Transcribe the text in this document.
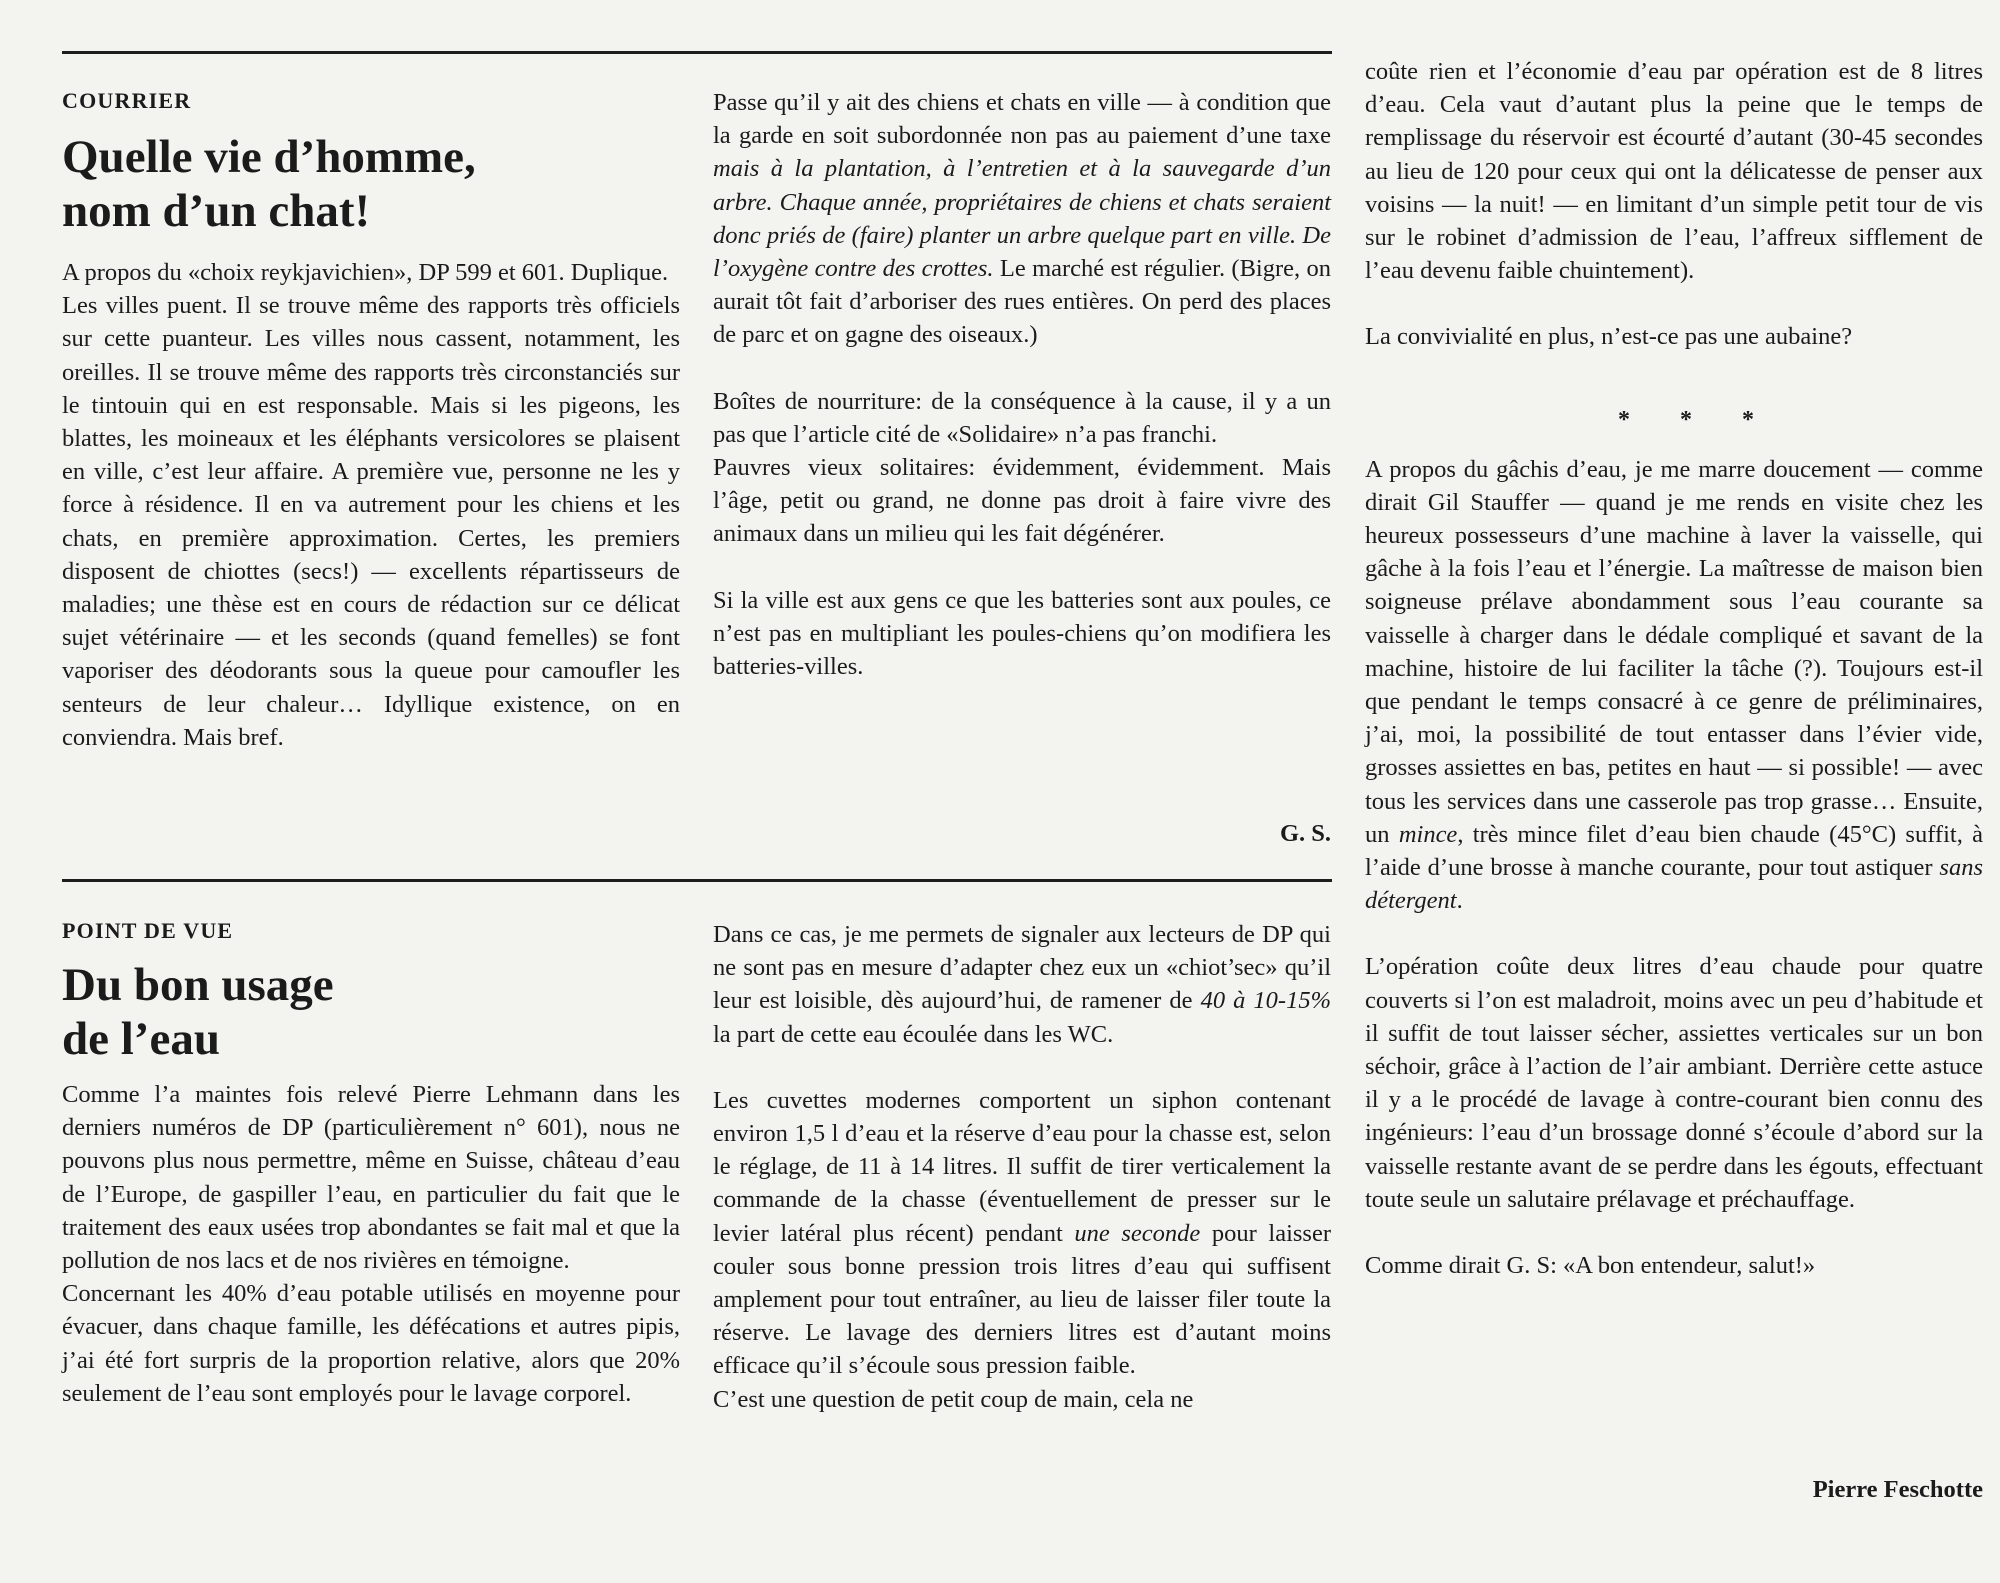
COURRIER
Quelle vie d’homme,
nom d’un chat!

A propos du «choix reykjavichien», DP 599 et 601. Duplique.

Les villes puent. Il se trouve même des rapports très officiels sur cette puanteur. Les villes nous cassent, notamment, les oreilles. Il se trouve même des rapports très circonstanciés sur le tintouin qui en est responsable. Mais si les pigeons, les blattes, les moineaux et les éléphants versicolores se plaisent en ville, c’est leur affaire. A première vue, personne ne les y force à résidence. Il en va autrement pour les chiens et les chats, en première approximation. Certes, les premiers disposent de chiottes (secs!) — excellents répartisseurs de maladies; une thèse est en cours de rédaction sur ce délicat sujet vétérinaire — et les seconds (quand femelles) se font vaporiser des déodorants sous la queue pour camoufler les senteurs de leur chaleur… Idyllique existence, on en conviendra. Mais bref.

Passe qu’il y ait des chiens et chats en ville — à condition que la garde en soit subordonnée non pas au paiement d’une taxe mais à la plantation, à l’entretien et à la sauvegarde d’un arbre. Chaque année, propriétaires de chiens et chats seraient donc priés de (faire) planter un arbre quelque part en ville. De l’oxygène contre des crottes. Le marché est régulier. (Bigre, on aurait tôt fait d’arboriser des rues entières. On perd des places de parc et on gagne des oiseaux.)

Boîtes de nourriture: de la conséquence à la cause, il y a un pas que l’article cité de «Solidaire» n’a pas franchi.

Pauvres vieux solitaires: évidemment, évidemment. Mais l’âge, petit ou grand, ne donne pas droit à faire vivre des animaux dans un milieu qui les fait dégénérer.

Si la ville est aux gens ce que les batteries sont aux poules, ce n’est pas en multipliant les poules-chiens qu’on modifiera les batteries-villes.

G. S.
POINT DE VUE
Du bon usage
de l’eau

Comme l’a maintes fois relevé Pierre Lehmann dans les derniers numéros de DP (particulièrement n° 601), nous ne pouvons plus nous permettre, même en Suisse, château d’eau de l’Europe, de gaspiller l’eau, en particulier du fait que le traitement des eaux usées trop abondantes se fait mal et que la pollution de nos lacs et de nos rivières en témoigne.

Concernant les 40% d’eau potable utilisés en moyenne pour évacuer, dans chaque famille, les défécations et autres pipis, j’ai été fort surpris de la proportion relative, alors que 20% seulement de l’eau sont employés pour le lavage corporel.

Dans ce cas, je me permets de signaler aux lecteurs de DP qui ne sont pas en mesure d’adapter chez eux un «chiot’sec» qu’il leur est loisible, dès aujourd’hui, de ramener de 40 à 10-15% la part de cette eau écoulée dans les WC.

Les cuvettes modernes comportent un siphon contenant environ 1,5 l d’eau et la réserve d’eau pour la chasse est, selon le réglage, de 11 à 14 litres. Il suffit de tirer verticalement la commande de la chasse (éventuellement de presser sur le levier latéral plus récent) pendant une seconde pour laisser couler sous bonne pression trois litres d’eau qui suffisent amplement pour tout entraîner, au lieu de laisser filer toute la réserve. Le lavage des derniers litres est d’autant moins efficace qu’il s’écoule sous pression faible.

C’est une question de petit coup de main, cela ne

coûte rien et l’économie d’eau par opération est de 8 litres d’eau. Cela vaut d’autant plus la peine que le temps de remplissage du réservoir est écourté d’autant (30-45 secondes au lieu de 120 pour ceux qui ont la délicatesse de penser aux voisins — la nuit! — en limitant d’un simple petit tour de vis sur le robinet d’admission de l’eau, l’affreux sifflement de l’eau devenu faible chuintement).

La convivialité en plus, n’est-ce pas une aubaine?

A propos du gâchis d’eau, je me marre doucement — comme dirait Gil Stauffer — quand je me rends en visite chez les heureux possesseurs d’une machine à laver la vaisselle, qui gâche à la fois l’eau et l’énergie. La maîtresse de maison bien soigneuse prélave abondamment sous l’eau courante sa vaisselle à charger dans le dédale compliqué et savant de la machine, histoire de lui faciliter la tâche (?). Toujours est-il que pendant le temps consacré à ce genre de préliminaires, j’ai, moi, la possibilité de tout entasser dans l’évier vide, grosses assiettes en bas, petites en haut — si possible! — avec tous les services dans une casserole pas trop grasse… Ensuite, un mince, très mince filet d’eau bien chaude (45°C) suffit, à l’aide d’une brosse à manche courante, pour tout astiquer sans détergent.

L’opération coûte deux litres d’eau chaude pour quatre couverts si l’on est maladroit, moins avec un peu d’habitude et il suffit de tout laisser sécher, assiettes verticales sur un bon séchoir, grâce à l’action de l’air ambiant. Derrière cette astuce il y a le procédé de lavage à contre-courant bien connu des ingénieurs: l’eau d’un brossage donné s’écoule d’abord sur la vaisselle restante avant de se perdre dans les égouts, effectuant toute seule un salutaire prélavage et préchauffage.

Comme dirait G. S: «A bon entendeur, salut!»

* * *
Pierre Feschotte
